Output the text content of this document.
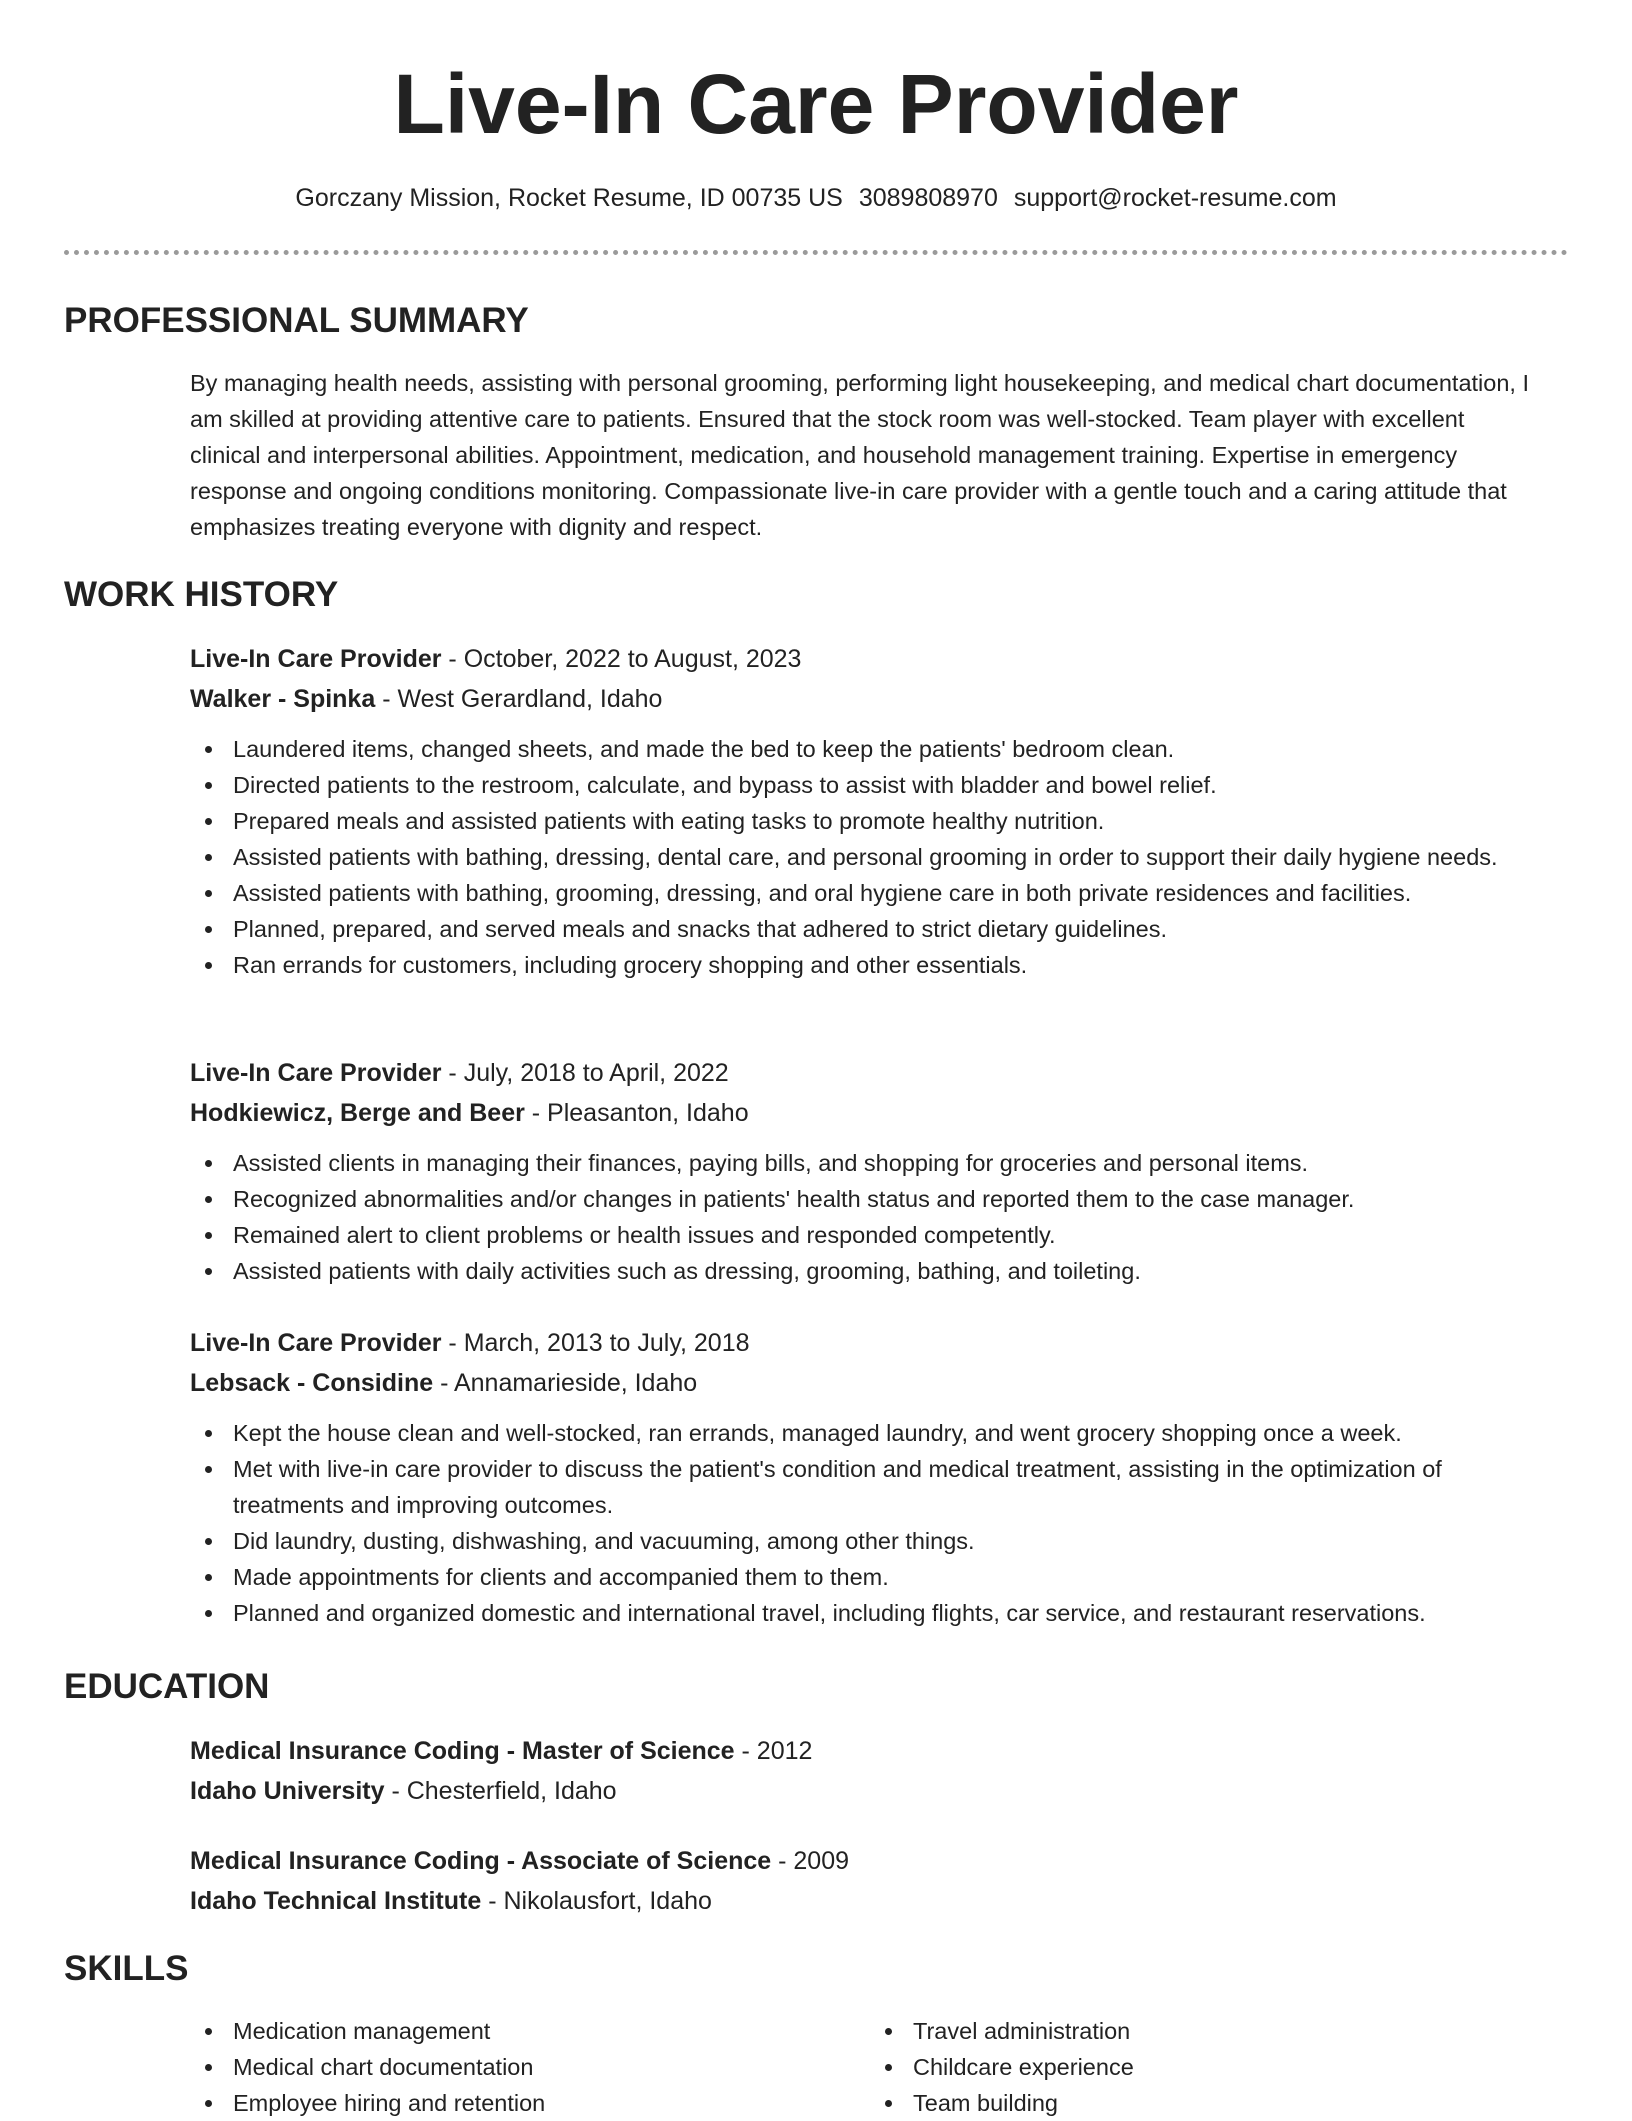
Live-In Care Provider
Gorczany Mission, Rocket Resume, ID 00735 US 3089808970 support@rocket-resume.com
PROFESSIONAL SUMMARY

By managing health needs, assisting with personal grooming, performing light housekeeping, and medical chart documentation, I am skilled at providing attentive care to patients. Ensured that the stock room was well-stocked. Team player with excellent clinical and interpersonal abilities. Appointment, medication, and household management training. Expertise in emergency response and ongoing conditions monitoring. Compassionate live-in care provider with a gentle touch and a caring attitude that emphasizes treating everyone with dignity and respect.

WORK HISTORY
Live-In Care Provider - October, 2022 to August, 2023
Walker - Spinka - West Gerardland, Idaho
Laundered items, changed sheets, and made the bed to keep the patients' bedroom clean.
Directed patients to the restroom, calculate, and bypass to assist with bladder and bowel relief.
Prepared meals and assisted patients with eating tasks to promote healthy nutrition.
Assisted patients with bathing, dressing, dental care, and personal grooming in order to support their daily hygiene needs.
Assisted patients with bathing, grooming, dressing, and oral hygiene care in both private residences and facilities.
Planned, prepared, and served meals and snacks that adhered to strict dietary guidelines.
Ran errands for customers, including grocery shopping and other essentials.
Live-In Care Provider - July, 2018 to April, 2022
Hodkiewicz, Berge and Beer - Pleasanton, Idaho
Assisted clients in managing their finances, paying bills, and shopping for groceries and personal items.
Recognized abnormalities and/or changes in patients' health status and reported them to the case manager.
Remained alert to client problems or health issues and responded competently.
Assisted patients with daily activities such as dressing, grooming, bathing, and toileting.
Live-In Care Provider - March, 2013 to July, 2018
Lebsack - Considine - Annamarieside, Idaho
Kept the house clean and well-stocked, ran errands, managed laundry, and went grocery shopping once a week.
Met with live-in care provider to discuss the patient's condition and medical treatment, assisting in the optimization of treatments and improving outcomes.
Did laundry, dusting, dishwashing, and vacuuming, among other things.
Made appointments for clients and accompanied them to them.
Planned and organized domestic and international travel, including flights, car service, and restaurant reservations.
EDUCATION
Medical Insurance Coding - Master of Science - 2012
Idaho University - Chesterfield, Idaho
Medical Insurance Coding - Associate of Science - 2009
Idaho Technical Institute - Nikolausfort, Idaho
SKILLS
Medication management
Medical chart documentation
Employee hiring and retention
Travel administration
Childcare experience
Team building
